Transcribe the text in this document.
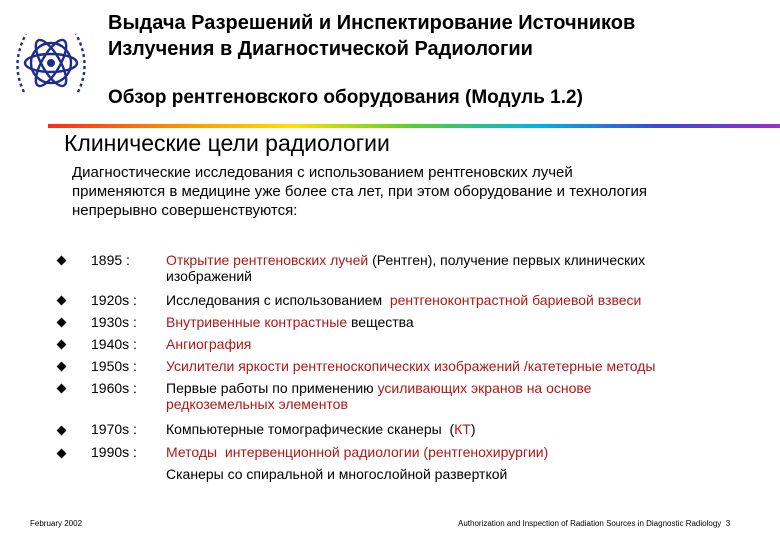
Выдача Разрешений и Инспектирование Источников
Излучения в Диагностической Радиологии
Обзор рентгеновского оборудования (Модуль 1.2)
Клинические цели радиологии
Диагностические исследования с использованием рентгеновских лучей
применяются в медицине уже более ста лет, при этом оборудование и технология
непрерывно совершенствуются:
1895 :	Открытие рентгеновских лучей (Рентген), получение первых клинических
изображений
1920s : Исследования с использованием  рентгеноконтрастной бариевой взвеси
1930s : Внутривенные контрастные вещества
1940s : Ангиография
1950s : Усилители яркости рентгеноскопических изображений /катетерные методы
1960s : Первые работы по применению усиливающих экранов на основе
редкоземельных элементов
1970s : Компьютерные томографические сканеры  (КТ)
1990s : Методы  интервенционной радиологии (рентгенохирургии)
Сканеры со спиральной и многослойной разверткой
February 2002	Authorization and Inspection of Radiation Sources in Diagnostic Radiology 3
